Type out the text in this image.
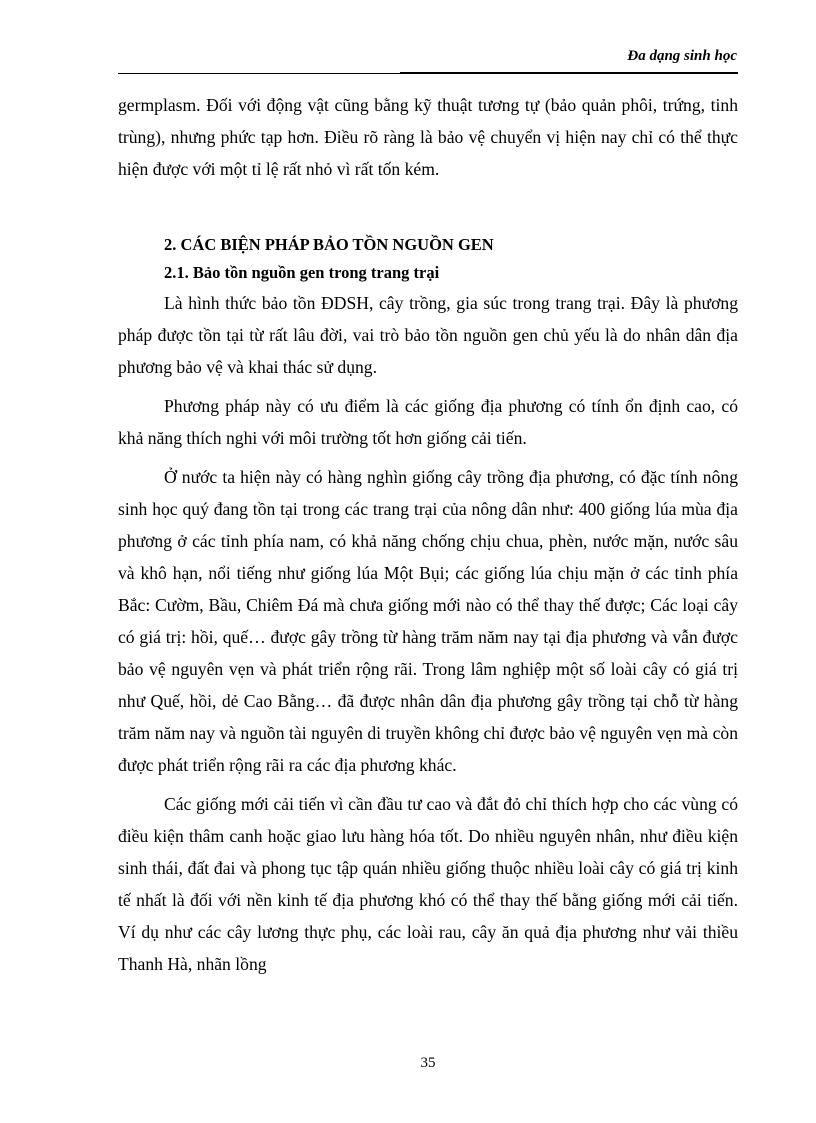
Đa dạng sinh học

germplasm. Đối với động vật cũng bằng kỹ thuật tương tự (bảo quản phôi, trứng, tinh trùng), nhưng phức tạp hơn. Điều rõ ràng là bảo vệ chuyển vị hiện nay chỉ có thể thực hiện được với một tỉ lệ rất nhỏ vì rất tốn kém.

2. CÁC BIỆN PHÁP BẢO TỒN NGUỒN GEN
2.1. Bảo tồn nguồn gen trong trang trại

Là hình thức bảo tồn ĐDSH, cây trồng, gia súc trong trang trại. Đây là phương pháp được tồn tại từ rất lâu đời, vai trò bảo tồn nguồn gen chủ yếu là do nhân dân địa phương bảo vệ và khai thác sử dụng.

Phương pháp này có ưu điểm là các giống địa phương có tính ổn định cao, có khả năng thích nghi với môi trường tốt hơn giống cải tiến.

Ở nước ta hiện này có hàng nghìn giống cây trồng địa phương, có đặc tính nông sinh học quý đang tồn tại trong các trang trại của nông dân như: 400 giống lúa mùa địa phương ở các tỉnh phía nam, có khả năng chống chịu chua, phèn, nước mặn, nước sâu và khô hạn, nổi tiếng như giống lúa Một Bụi; các giống lúa chịu mặn ở các tỉnh phía Bắc: Cườm, Bầu, Chiêm Đá mà chưa giống mới nào có thể thay thế được; Các loại cây có giá trị: hồi, quế… được gây trồng từ hàng trăm năm nay tại địa phương và vẫn được bảo vệ nguyên vẹn và phát triển rộng rãi. Trong lâm nghiệp một số loài cây có giá trị như Quế, hồi, dẻ Cao Bằng… đã được nhân dân địa phương gây trồng tại chỗ từ hàng trăm năm nay và nguồn tài nguyên di truyền không chỉ được bảo vệ nguyên vẹn mà còn được phát triển rộng rãi ra các địa phương khác.

Các giống mới cải tiến vì cần đầu tư cao và đắt đỏ chỉ thích hợp cho các vùng có điều kiện thâm canh hoặc giao lưu hàng hóa tốt. Do nhiều nguyên nhân, như điều kiện sinh thái, đất đai và phong tục tập quán nhiều giống thuộc nhiều loài cây có giá trị kinh tế nhất là đối với nền kinh tế địa phương khó có thể thay thế bằng giống mới cải tiến. Ví dụ như các cây lương thực phụ, các loài rau, cây ăn quả địa phương như vải thiều Thanh Hà, nhãn lồng

35
